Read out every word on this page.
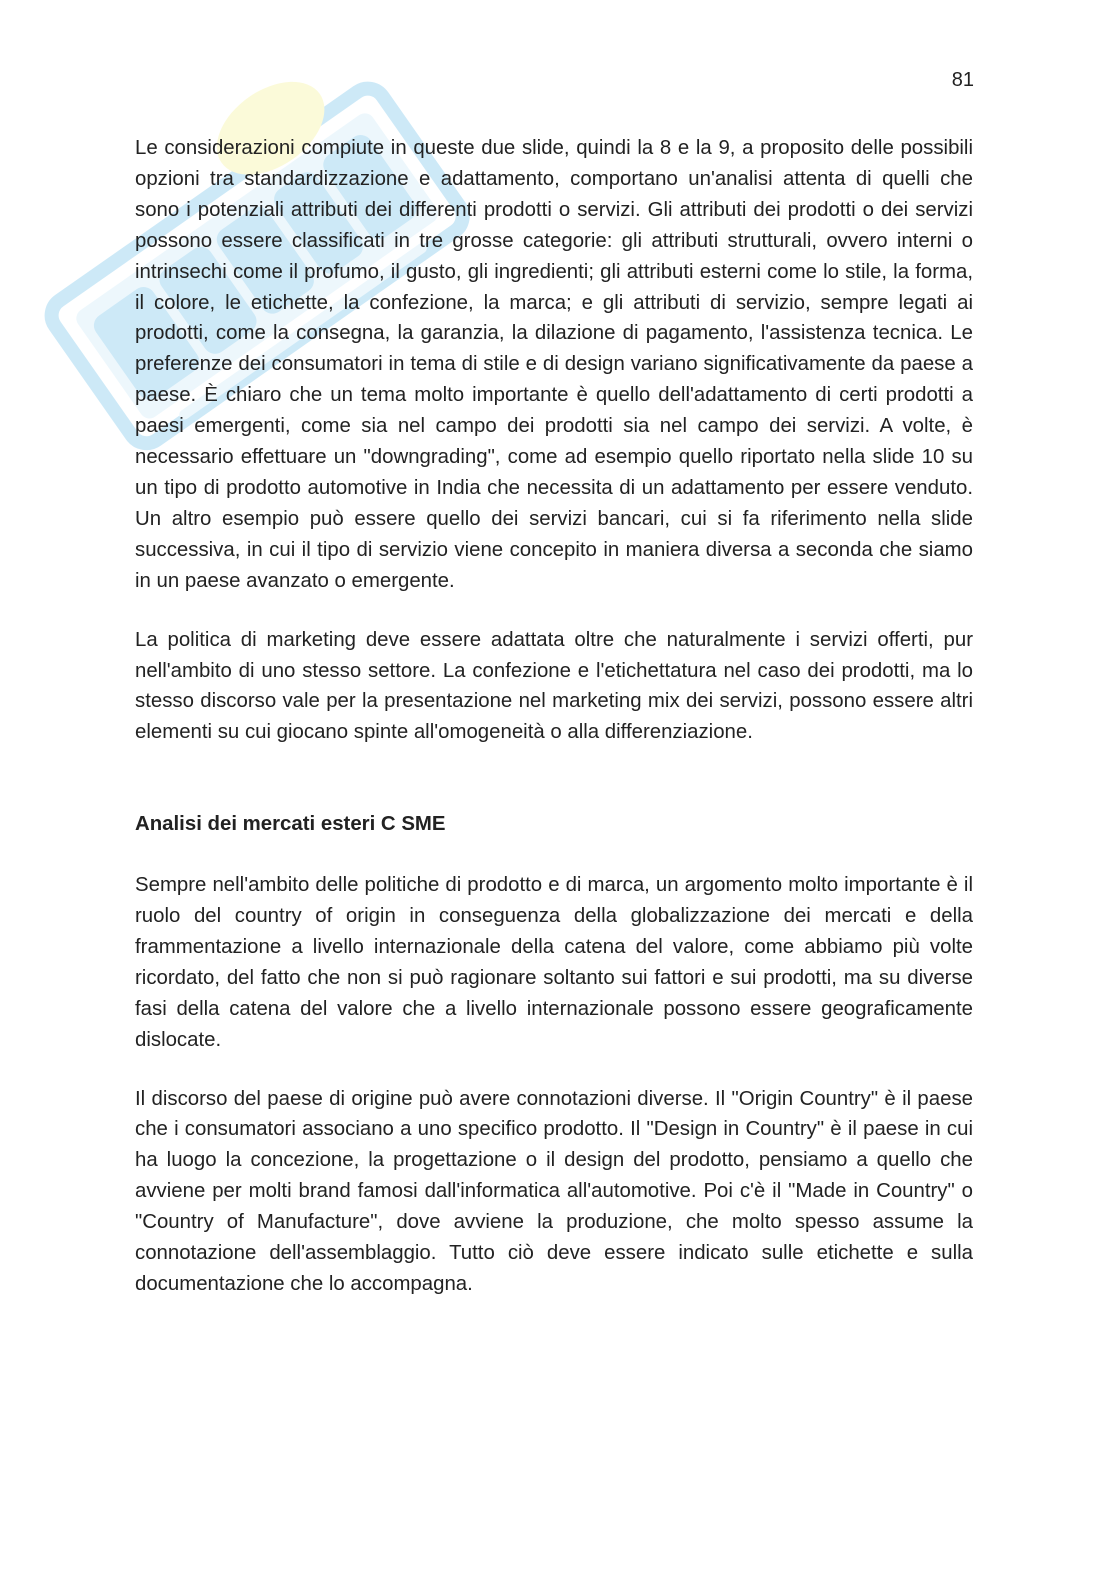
81

Le considerazioni compiute in queste due slide, quindi la 8 e la 9, a proposito delle possibili opzioni tra standardizzazione e adattamento, comportano un'analisi attenta di quelli che sono i potenziali attributi dei differenti prodotti o servizi. Gli attributi dei prodotti o dei servizi possono essere classificati in tre grosse categorie: gli attributi strutturali, ovvero interni o intrinsechi come il profumo, il gusto, gli ingredienti; gli attributi esterni come lo stile, la forma, il colore, le etichette, la confezione, la marca; e gli attributi di servizio, sempre legati ai prodotti, come la consegna, la garanzia, la dilazione di pagamento, l'assistenza tecnica. Le preferenze dei consumatori in tema di stile e di design variano significativamente da paese a paese. È chiaro che un tema molto importante è quello dell'adattamento di certi prodotti a paesi emergenti, come sia nel campo dei prodotti sia nel campo dei servizi. A volte, è necessario effettuare un "downgrading", come ad esempio quello riportato nella slide 10 su un tipo di prodotto automotive in India che necessita di un adattamento per essere venduto. Un altro esempio può essere quello dei servizi bancari, cui si fa riferimento nella slide successiva, in cui il tipo di servizio viene concepito in maniera diversa a seconda che siamo in un paese avanzato o emergente.

La politica di marketing deve essere adattata oltre che naturalmente i servizi offerti, pur nell'ambito di uno stesso settore. La confezione e l'etichettatura nel caso dei prodotti, ma lo stesso discorso vale per la presentazione nel marketing mix dei servizi, possono essere altri elementi su cui giocano spinte all'omogeneità o alla differenziazione.

Analisi dei mercati esteri C SME

Sempre nell'ambito delle politiche di prodotto e di marca, un argomento molto importante è il ruolo del country of origin in conseguenza della globalizzazione dei mercati e della frammentazione a livello internazionale della catena del valore, come abbiamo più volte ricordato, del fatto che non si può ragionare soltanto sui fattori e sui prodotti, ma su diverse fasi della catena del valore che a livello internazionale possono essere geograficamente dislocate.

Il discorso del paese di origine può avere connotazioni diverse. Il "Origin Country" è il paese che i consumatori associano a uno specifico prodotto. Il "Design in Country" è il paese in cui ha luogo la concezione, la progettazione o il design del prodotto, pensiamo a quello che avviene per molti brand famosi dall'informatica all'automotive. Poi c'è il "Made in Country" o "Country of Manufacture", dove avviene la produzione, che molto spesso assume la connotazione dell'assemblaggio. Tutto ciò deve essere indicato sulle etichette e sulla documentazione che lo accompagna.
